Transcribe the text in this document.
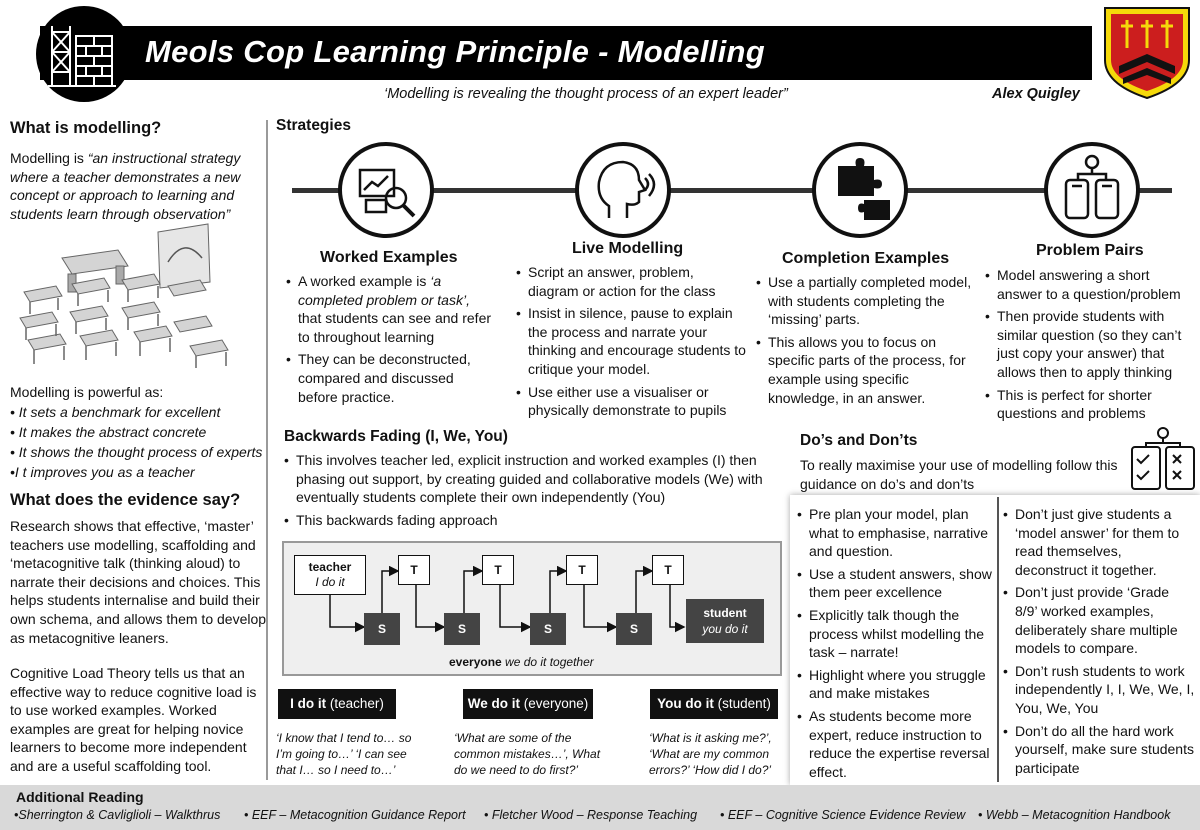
Meols Cop Learning Principle - Modelling
‘Modelling is revealing the thought process of an expert leader”	Alex Quigley
What is modelling?
Modelling is “an instructional strategy where a teacher demonstrates a new concept or approach to learning and students learn through observation”
Modelling is powerful as:
• It sets a benchmark for excellent
• It makes the abstract concrete
• It shows the thought process of experts
•I t improves you as a teacher
What does the evidence say?
Research shows that effective, ‘master’ teachers use modelling, scaffolding and ‘metacognitive talk (thinking aloud) to narrate their decisions and choices. This helps students internalise and build their own schema, and allows them to develop as metacognitive leaners.
Cognitive Load Theory tells us that an effective way to reduce cognitive load is to use worked examples. Worked examples are great for helping novice learners to become more independent and are a useful scaffolding tool.
Strategies
Worked Examples
• A worked example is ‘a completed problem or task’, that students can see and refer to throughout learning
• They can be deconstructed, compared and discussed before practice.
Live Modelling
• Script an answer, problem, diagram or action for the class
• Insist in silence, pause to explain the process and narrate your thinking and encourage students to critique your model.
• Use either use a visualiser or physically demonstrate to pupils
Completion Examples
• Use a partially completed model, with students completing the ‘missing’ parts.
• This allows you to focus on specific parts of the process, for example using specific knowledge, in an answer.
Problem Pairs
• Model answering a short answer to a question/problem
• Then provide students with similar question (so they can’t just copy your answer) that allows then to apply thinking
• This is perfect for shorter questions and problems
Backwards Fading (I, We, You)
• This involves teacher led, explicit instruction and worked examples (I) then phasing out support, by creating guided and collaborative models (We) with eventually students complete their own independently (You)
• This backwards fading approach
teacher
I do it
T	T	T	T
S	S	S	S
student
you do it
everyone we do it together
I do it (teacher)	We do it (everyone)	You do it (student)
‘I know that I tend to… so I’m going to…’ ‘I can see that I… so I need to…’
‘What are some of the common mistakes…’, What do we need to do first?’
‘What is it asking me?’, ‘What are my common errors?’ ‘How did I do?’
Do’s and Don’ts
To really maximise your use of modelling follow this guidance on do’s and don’ts
• Pre plan your model, plan what to emphasise, narrative and question.
• Use a student answers, show them peer excellence
• Explicitly talk though the process whilst modelling the task – narrate!
• Highlight where you struggle and make mistakes
• As students become more expert, reduce instruction to reduce the expertise reversal effect.
• Don’t just give students a ‘model answer’ for them to read themselves, deconstruct it together.
• Don’t just provide ‘Grade 8/9’ worked examples, deliberately share multiple models to compare.
• Don’t rush students to work independently I, I, We, We, I, You, We, You
• Don’t do all the hard work yourself, make sure students participate
Additional Reading
•Sherrington & Cavliglioli – Walkthrus • EEF – Metacognition Guidance Report • Fletcher Wood – Response Teaching • EEF – Cognitive Science Evidence Review • Webb – Metacognition Handbook
